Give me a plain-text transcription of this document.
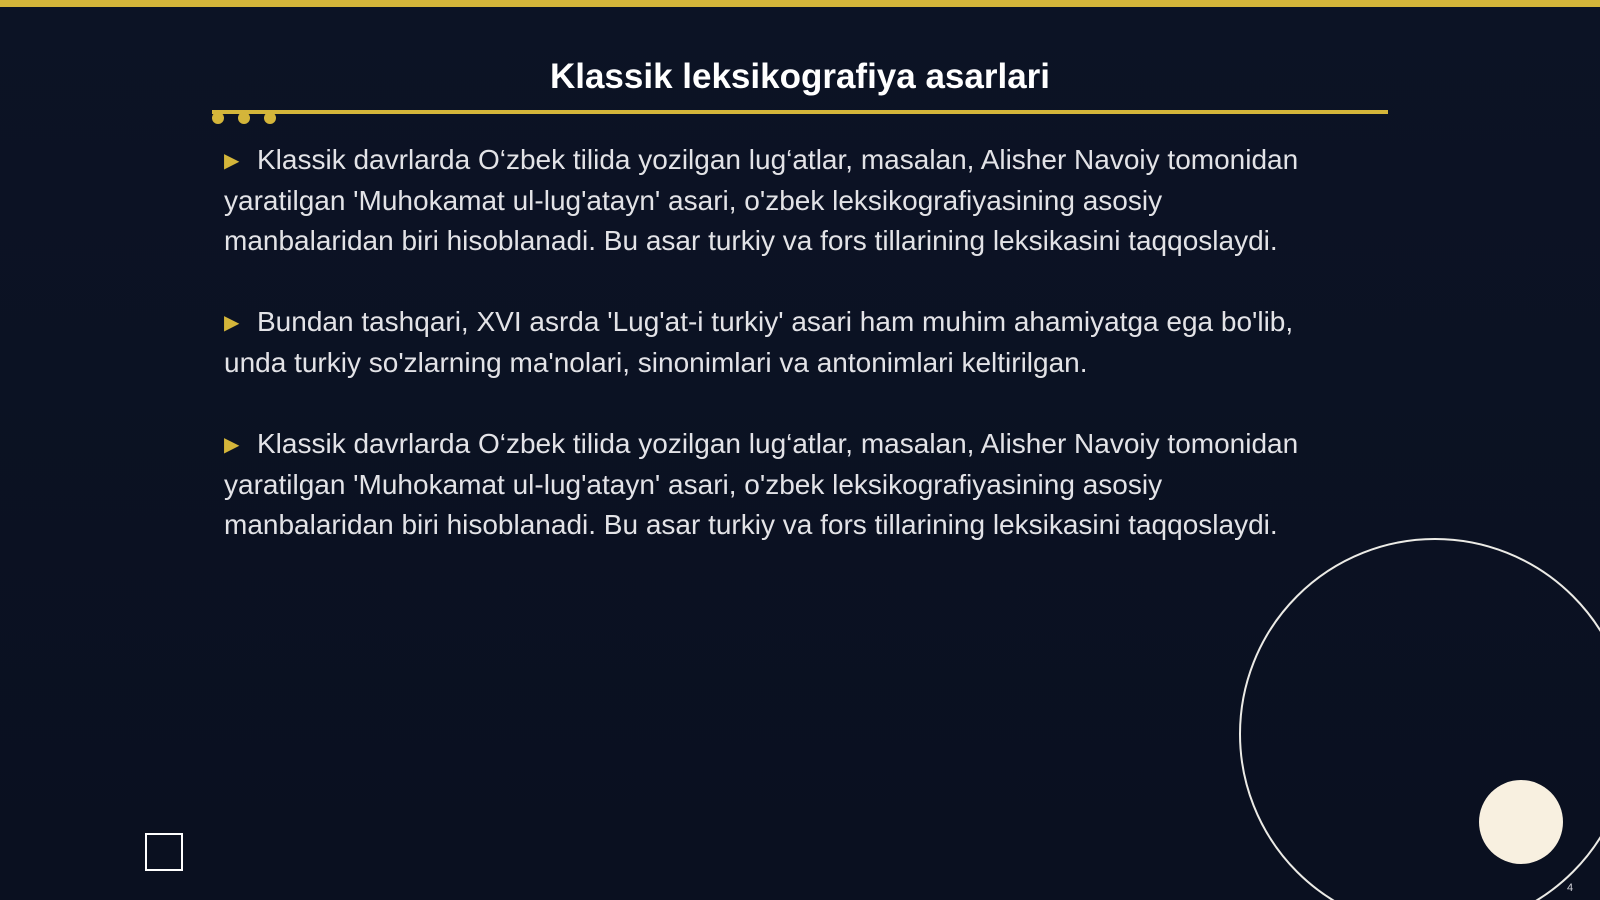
Klassik leksikografiya asarlari

▶ Klassik davrlarda O‘zbek tilida yozilgan lug‘atlar, masalan, Alisher Navoiy tomonidan yaratilgan 'Muhokamat ul-lug'atayn' asari, o'zbek leksikografiyasining asosiy manbalaridan biri hisoblanadi. Bu asar turkiy va fors tillarining leksikasini taqqoslaydi.

▶ Bundan tashqari, XVI asrda 'Lug'at-i turkiy' asari ham muhim ahamiyatga ega bo'lib, unda turkiy so'zlarning ma'nolari, sinonimlari va antonimlari keltirilgan.

▶ Klassik davrlarda O‘zbek tilida yozilgan lug‘atlar, masalan, Alisher Navoiy tomonidan yaratilgan 'Muhokamat ul-lug'atayn' asari, o'zbek leksikografiyasining asosiy manbalaridan biri hisoblanadi. Bu asar turkiy va fors tillarining leksikasini taqqoslaydi.

4
